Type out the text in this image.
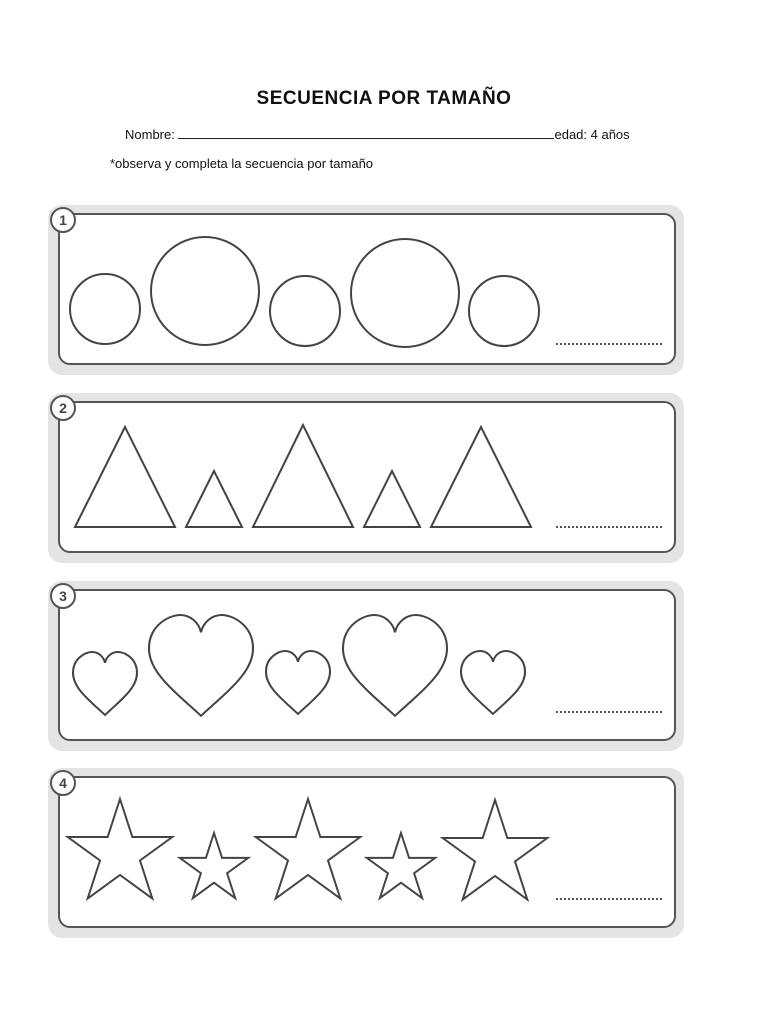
SECUENCIA POR TAMAÑO
Nombre:	edad: 4 años
*observa y completa la secuencia por tamaño
1
2
3
4
